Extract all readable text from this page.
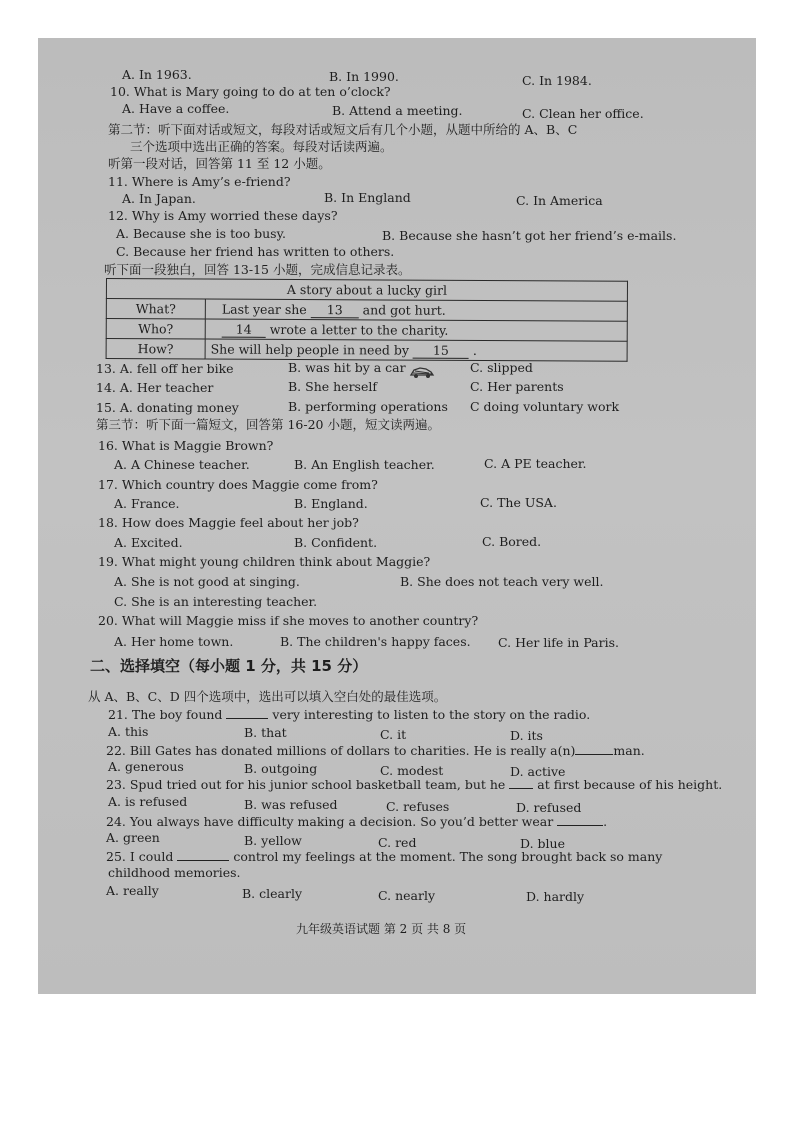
A. In 1963.	B. In 1990.	C. In 1984.
10. What is Mary going to do at ten o’clock?
A. Have a coffee.	B. Attend a meeting.	C. Clean her office.
第二节：听下面对话或短文，每段对话或短文后有几个小题，从题中所给的 A、B、C
三个选项中选出正确的答案。每段对话读两遍。
听第一段对话，回答第 11 至 12 小题。
11. Where is Amy’s e-friend?
A. In Japan.	B. In England	C. In America
12. Why is Amy worried these days?
A. Because she is too busy.	B. Because she hasn’t got her friend’s e-mails.
C. Because her friend has written to others.
听下面一段独白，回答 13-15 小题，完成信息记录表。
A story about a lucky girl	
What?	Last year she 13 and got hurt.
Who?	14 wrote a letter to the charity.
How?	She will help people in need by 15 .
13. A. fell off her bike	B. was hit by a car	C. slipped
14. A. Her teacher	B. She herself	C. Her parents
15. A. donating money	B. performing operations C doing voluntary work
第三节：听下面一篇短文，回答第 16-20 小题，短文读两遍。
16. What is Maggie Brown?
A. A Chinese teacher.	B. An English teacher.	C. A PE teacher.
17. Which country does Maggie come from?
A. France.	B. England.	C. The USA.
18. How does Maggie feel about her job?
A. Excited.	B. Confident.	C. Bored.
19. What might young children think about Maggie?
A. She is not good at singing.	B. She does not teach very well.
C. She is an interesting teacher.
20. What will Maggie miss if she moves to another country?
A. Her home town.	B. The children's happy faces. C. Her life in Paris.
二、选择填空（每小题 1 分，共 15 分）
从 A、B、C、D 四个选项中，选出可以填入空白处的最佳选项。
21. The boy found	very interesting to listen to the story on the radio.
A. this	B. that	C. it	D. its
22. Bill Gates has donated millions of dollars to charities. He is really a(n)	man.
A. generous	B. outgoing	C. modest	D. active
23. Spud tried out for his junior school basketball team, but he	at first because of his height.
A. is refused	B. was refused	C. refuses	D. refused
24. You always have difficulty making a decision. So you’d better wear	.
A. green	B. yellow	C. red	D. blue
25. I could	control my feelings at the moment. The song brought back so many
childhood memories.
A. really	B. clearly	C. nearly	D. hardly
九年级英语试题 第 2 页 共 8 页
